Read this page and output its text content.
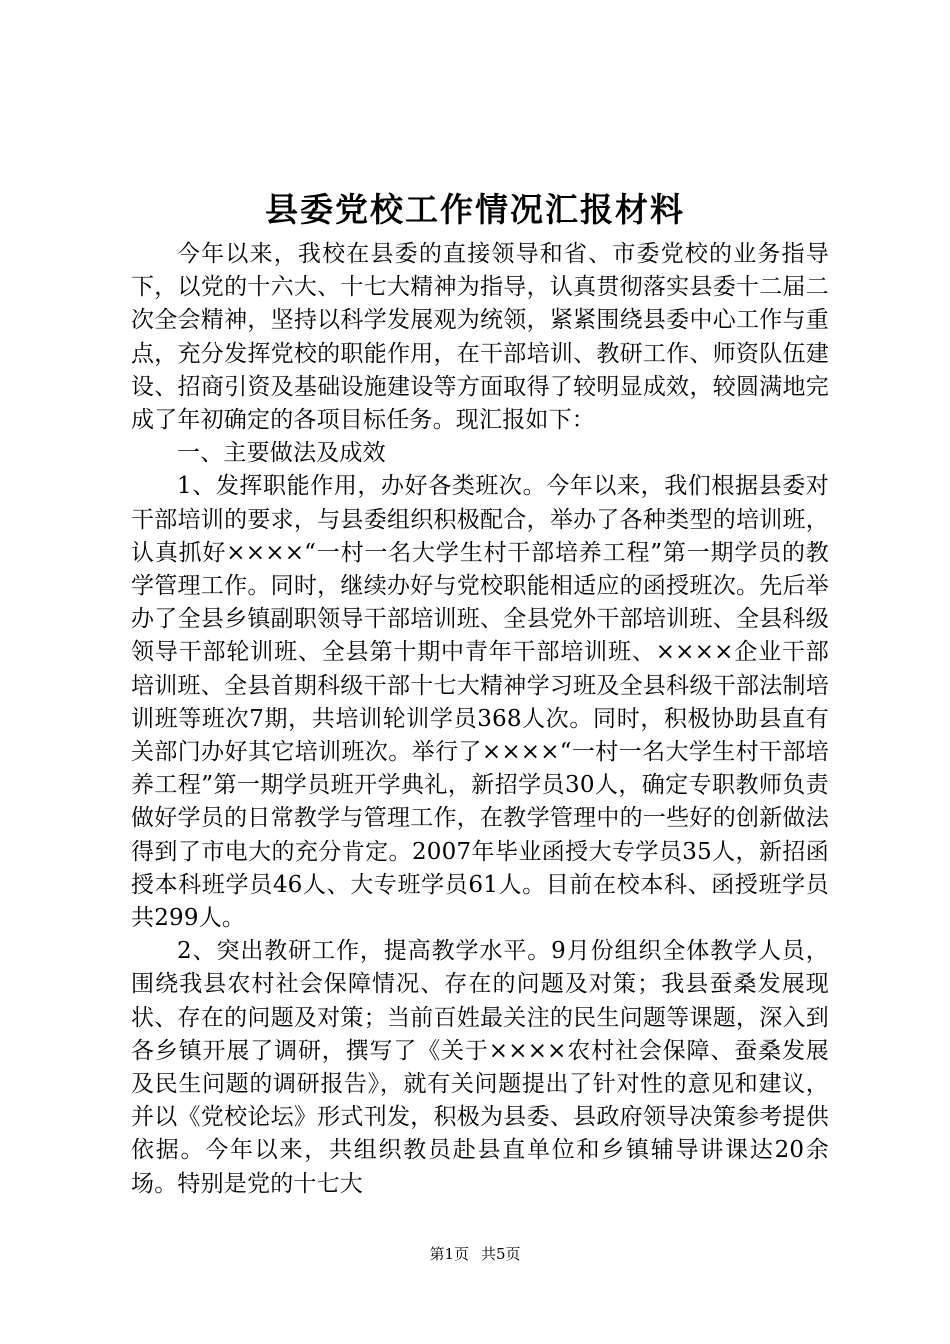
县委党校工作情况汇报材料

今年以来，我校在县委的直接领导和省、市委党校的业务指导下，以党的十六大、十七大精神为指导，认真贯彻落实县委十二届二次全会精神，坚持以科学发展观为统领，紧紧围绕县委中心工作与重点，充分发挥党校的职能作用，在干部培训、教研工作、师资队伍建设、招商引资及基础设施建设等方面取得了较明显成效，较圆满地完成了年初确定的各项目标任务。现汇报如下：

一、主要做法及成效

1、发挥职能作用，办好各类班次。今年以来，我们根据县委对干部培训的要求，与县委组织积极配合，举办了各种类型的培训班，认真抓好××××“一村一名大学生村干部培养工程”第一期学员的教学管理工作。同时，继续办好与党校职能相适应的函授班次。先后举办了全县乡镇副职领导干部培训班、全县党外干部培训班、全县科级领导干部轮训班、全县第十期中青年干部培训班、××××企业干部培训班、全县首期科级干部十七大精神学习班及全县科级干部法制培训班等班次7期，共培训轮训学员368人次。同时，积极协助县直有关部门办好其它培训班次。举行了××××“一村一名大学生村干部培养工程”第一期学员班开学典礼，新招学员30人，确定专职教师负责做好学员的日常教学与管理工作，在教学管理中的一些好的创新做法得到了市电大的充分肯定。2007年毕业函授大专学员35人，新招函授本科班学员46人、大专班学员61人。目前在校本科、函授班学员共299人。

2、突出教研工作，提高教学水平。9月份组织全体教学人员，围绕我县农村社会保障情况、存在的问题及对策；我县蚕桑发展现状、存在的问题及对策；当前百姓最关注的民生问题等课题，深入到各乡镇开展了调研，撰写了《关于××××农村社会保障、蚕桑发展及民生问题的调研报告》，就有关问题提出了针对性的意见和建议，并以《党校论坛》形式刊发，积极为县委、县政府领导决策参考提供依据。今年以来，共组织教员赴县直单位和乡镇辅导讲课达20余场。特别是党的十七大

第1页 共5页
